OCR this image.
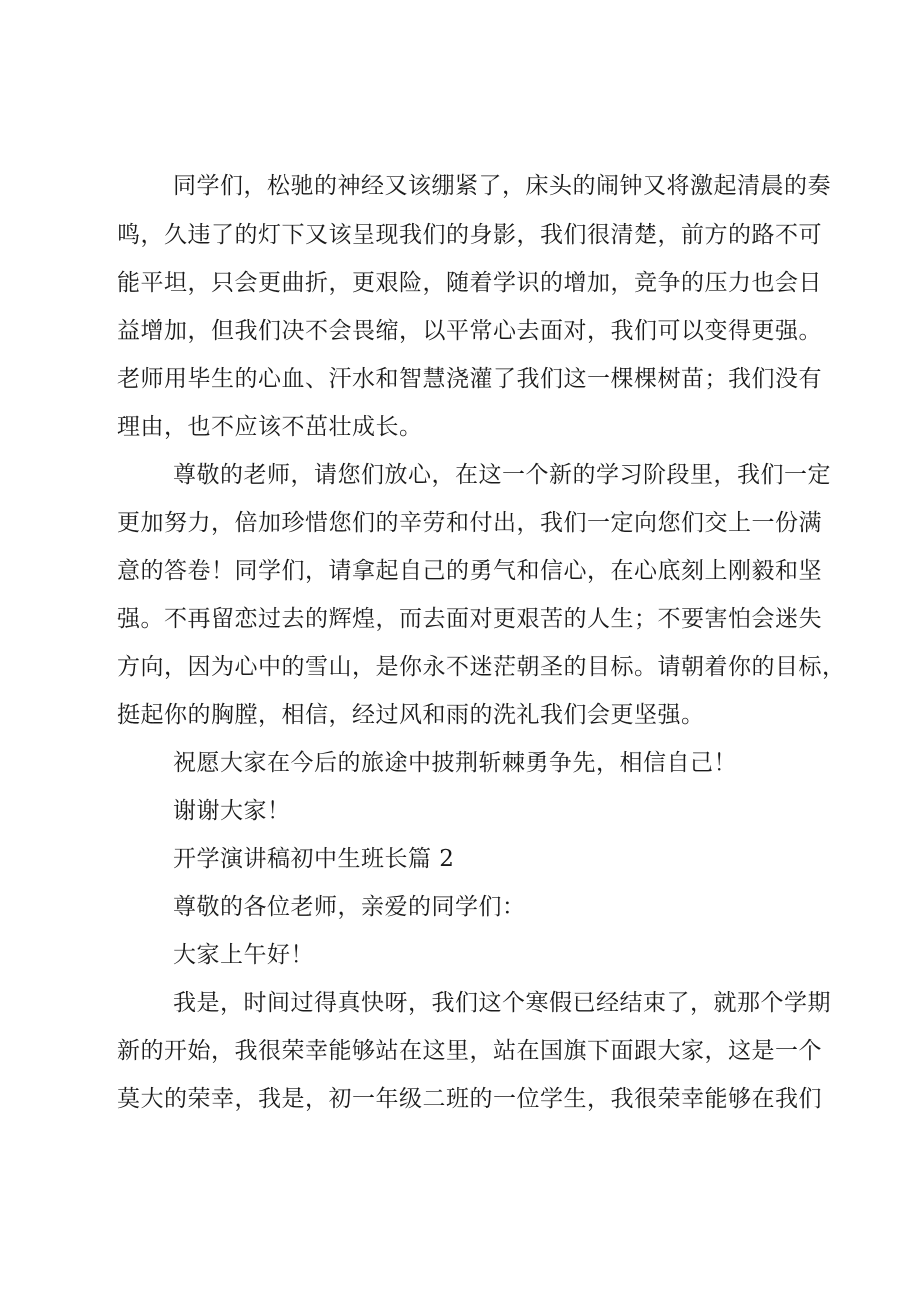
同学们，松驰的神经又该绷紧了，床头的闹钟又将激起清晨的奏
鸣，久违了的灯下又该呈现我们的身影，我们很清楚，前方的路不可
能平坦，只会更曲折，更艰险，随着学识的增加，竞争的压力也会日
益增加，但我们决不会畏缩，以平常心去面对，我们可以变得更强。
老师用毕生的心血、汗水和智慧浇灌了我们这一棵棵树苗；我们没有
理由，也不应该不茁壮成长。
尊敬的老师，请您们放心，在这一个新的学习阶段里，我们一定
更加努力，倍加珍惜您们的辛劳和付出，我们一定向您们交上一份满
意的答卷！同学们，请拿起自己的勇气和信心，在心底刻上刚毅和坚
强。不再留恋过去的辉煌，而去面对更艰苦的人生；不要害怕会迷失
方向，因为心中的雪山，是你永不迷茫朝圣的目标。请朝着你的目标，
挺起你的胸膛，相信，经过风和雨的洗礼我们会更坚强。
祝愿大家在今后的旅途中披荆斩棘勇争先，相信自己！
谢谢大家！
开学演讲稿初中生班长篇 2
尊敬的各位老师，亲爱的同学们：
大家上午好！
我是，时间过得真快呀，我们这个寒假已经结束了，就那个学期
新的开始，我很荣幸能够站在这里，站在国旗下面跟大家，这是一个
莫大的荣幸，我是，初一年级二班的一位学生，我很荣幸能够在我们
